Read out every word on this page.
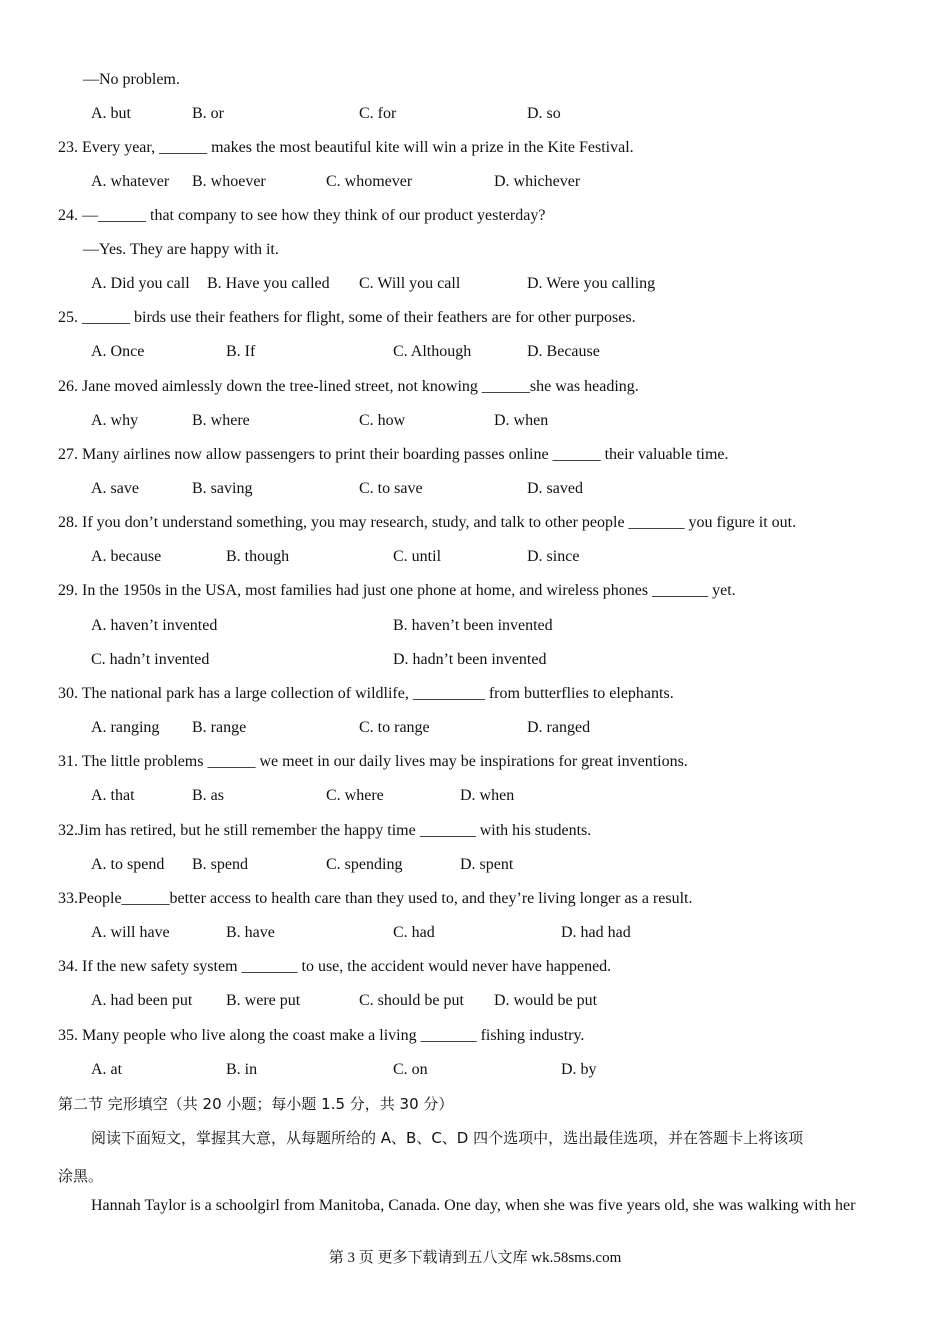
—No problem.
A. but	B. or	C. for	D. so
23. Every year, ______ makes the most beautiful kite will win a prize in the Kite Festival.
A. whatever B. whoever	C. whomever	D. whichever
24. —______ that company to see how they think of our product yesterday?
—Yes. They are happy with it.
A. Did you call B. Have you called C. Will you call	D. Were you calling
25. ______ birds use their feathers for flight, some of their feathers are for other purposes.
A. Once	B. If	C. Although	D. Because
26. Jane moved aimlessly down the tree-lined street, not knowing ______she was heading.
A. why	B. where	C. how	D. when
27. Many airlines now allow passengers to print their boarding passes online ______ their valuable time.
A. save	B. saving	C. to save	D. saved
28. If you don’t understand something, you may research, study, and talk to other people _______ you figure it out.
A. because	B. though	C. until	D. since
29. In the 1950s in the USA, most families had just one phone at home, and wireless phones _______ yet.
A. haven’t invented	B. haven’t been invented
C. hadn’t invented	D. hadn’t been invented
30. The national park has a large collection of wildlife, _________ from butterflies to elephants.
A. ranging B. range	C. to range	D. ranged
31. The little problems ______ we meet in our daily lives may be inspirations for great inventions.
A. that	B. as	C. where	D. when
32.Jim has retired, but he still remember the happy time _______ with his students.
A. to spend B. spend	C. spending	D. spent
33.People______better access to health care than they used to, and they’re living longer as a result.
A. will have	B. have	C. had	D. had had
34. If the new safety system _______ to use, the accident would never have happened.
A. had been put B. were put	C. should be put D. would be put
35. Many people who live along the coast make a living _______ fishing industry.
A. at	B. in	C. on	D. by
第二节 完形填空（共 20 小题；每小题 1.5 分，共 30 分）
阅读下面短文，掌握其大意，从每题所给的 A、B、C、D 四个选项中，选出最佳选项，并在答题卡上将该项
涂黑。
Hannah Taylor is a schoolgirl from Manitoba, Canada. One day, when she was five years old, she was walking with her
第 3 页 更多下载请到五八文库 wk.58sms.com
